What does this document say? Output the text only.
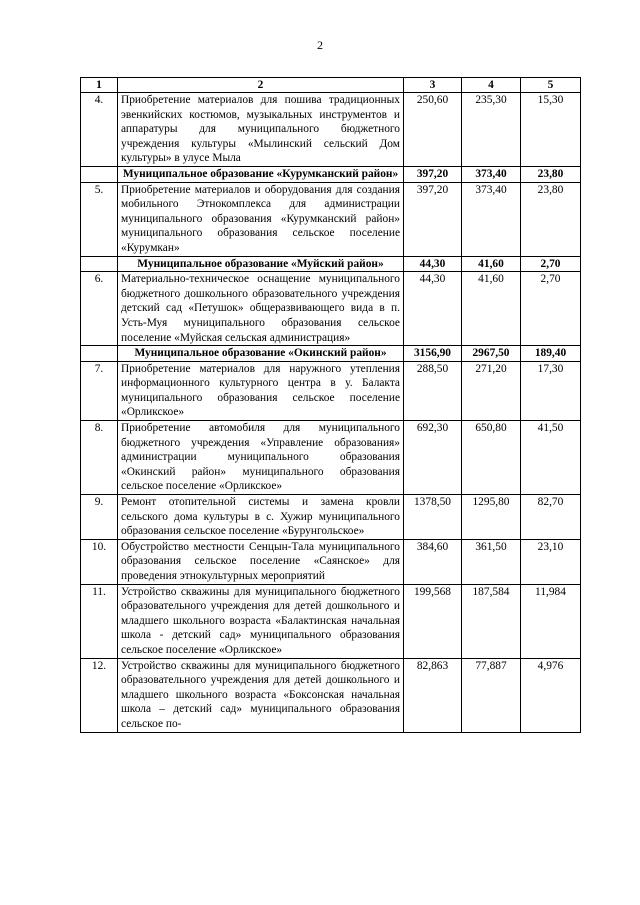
2
1	2	3	4	5
4.	Приобретение материалов для пошива традиционных эвенкийских костюмов, музыкальных инструментов и аппаратуры для муниципального бюджетного учреждения культуры «Мылинский сельский Дом культуры» в улусе Мыла	250,60	235,30	15,30
	Муниципальное образование «Курумканский район»	397,20	373,40	23,80
5.	Приобретение материалов и оборудования для создания мобильного Этнокомплекса для администрации муниципального образования «Курумканский район» муниципального образования сельское поселение «Курумкан»	397,20	373,40	23,80
	Муниципальное образование «Муйский район»	44,30	41,60	2,70
6.	Материально-техническое оснащение муниципального бюджетного дошкольного образовательного учреждения детский сад «Петушок» общеразвивающего вида в п. Усть-Муя муниципального образования сельское поселение «Муйская сельская администрация»	44,30	41,60	2,70
	Муниципальное образование «Окинский район»	3156,90	2967,50	189,40
7.	Приобретение материалов для наружного утепления информационного культурного центра в у. Балакта муниципального образования сельское поселение «Орликское»	288,50	271,20	17,30
8.	Приобретение автомобиля для муниципального бюджетного учреждения «Управление образования» администрации муниципального образования «Окинский район» муниципального образования сельское поселение «Орликское»	692,30	650,80	41,50
9.	Ремонт отопительной системы и замена кровли сельского дома культуры в с. Хужир муниципального образования сельское поселение «Бурунгольское»	1378,50	1295,80	82,70
10.	Обустройство местности Сенцын-Тала муниципального образования сельское поселение «Саянское» для проведения этнокультурных мероприятий	384,60	361,50	23,10
11.	Устройство скважины для муниципального бюджетного образовательного учреждения для детей дошкольного и младшего школьного возраста «Балактинская начальная школа - детский сад» муниципального образования сельское поселение «Орликское»	199,568	187,584	11,984
12.	Устройство скважины для муниципального бюджетного образовательного учреждения для детей дошкольного и младшего школьного возраста «Боксонская начальная школа – детский сад» муниципального образования сельское по-	82,863	77,887	4,976
